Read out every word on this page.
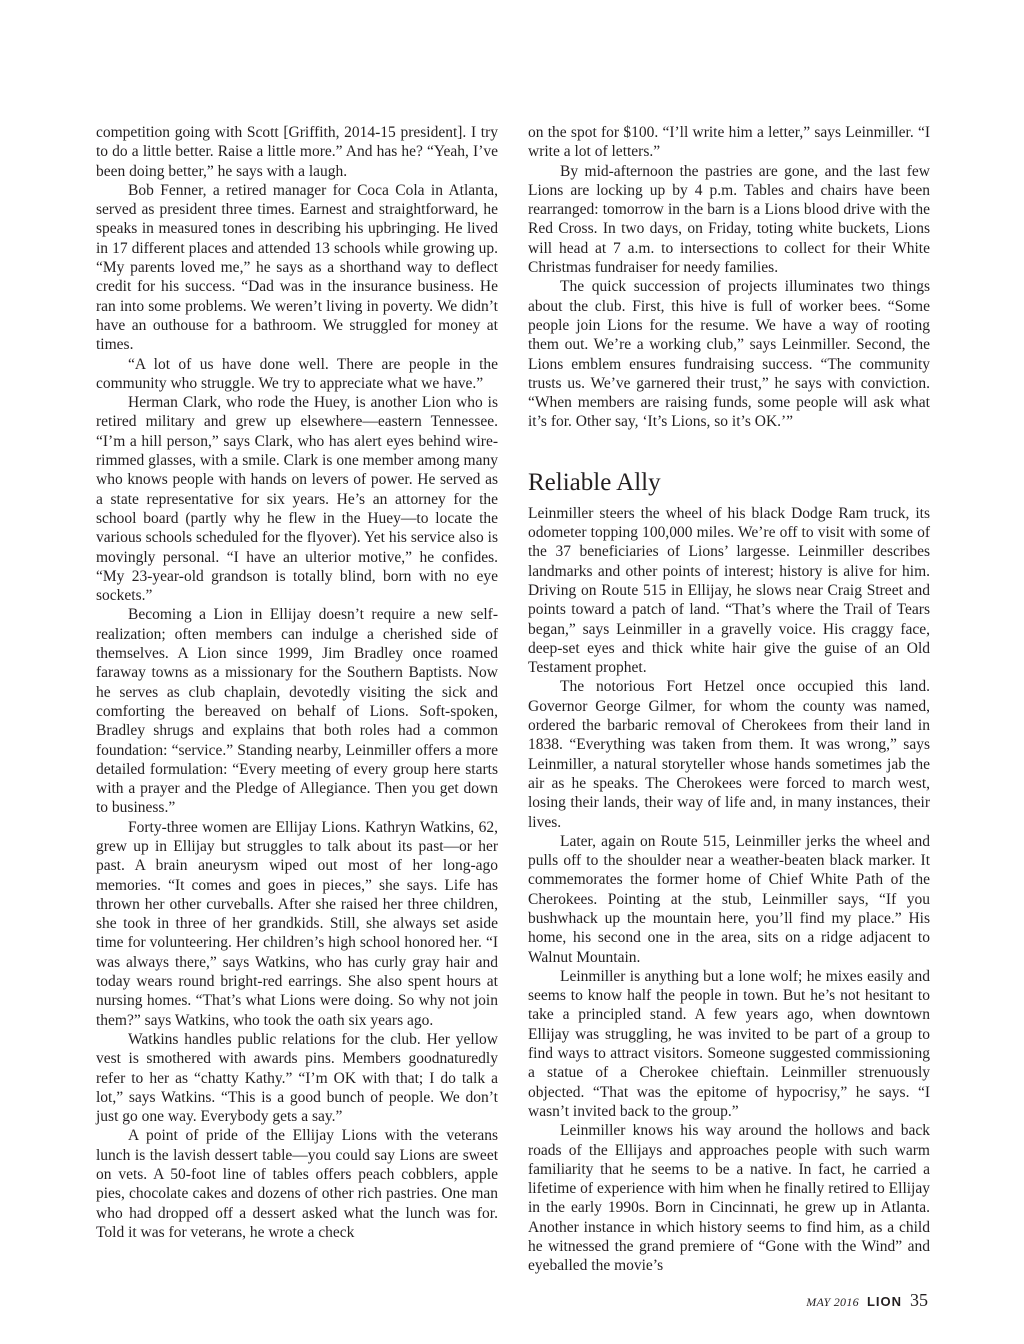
competition going with Scott [Griffith, 2014-15 president]. I try to do a little better. Raise a little more.” And has he? “Yeah, I’ve been doing better,” he says with a laugh.

Bob Fenner, a retired manager for Coca Cola in Atlanta, served as president three times. Earnest and straightforward, he speaks in measured tones in describing his upbringing. He lived in 17 different places and attended 13 schools while growing up. “My parents loved me,” he says as a shorthand way to deflect credit for his success. “Dad was in the insurance business. He ran into some problems. We weren’t living in poverty. We didn’t have an outhouse for a bathroom. We struggled for money at times.

“A lot of us have done well. There are people in the community who struggle. We try to appreciate what we have.”

Herman Clark, who rode the Huey, is another Lion who is retired military and grew up elsewhere—eastern Tennessee. “I’m a hill person,” says Clark, who has alert eyes behind wire-rimmed glasses, with a smile. Clark is one member among many who knows people with hands on levers of power. He served as a state representative for six years. He’s an attorney for the school board (partly why he flew in the Huey—to locate the various schools scheduled for the flyover). Yet his service also is movingly personal. “I have an ulterior motive,” he confides. “My 23-year-old grandson is totally blind, born with no eye sockets.”

Becoming a Lion in Ellijay doesn’t require a new self-realization; often members can indulge a cherished side of themselves. A Lion since 1999, Jim Bradley once roamed faraway towns as a missionary for the Southern Baptists. Now he serves as club chaplain, devotedly visiting the sick and comforting the bereaved on behalf of Lions. Soft-spoken, Bradley shrugs and explains that both roles had a common foundation: “service.” Standing nearby, Leinmiller offers a more detailed formulation: “Every meeting of every group here starts with a prayer and the Pledge of Allegiance. Then you get down to business.”

Forty-three women are Ellijay Lions. Kathryn Watkins, 62, grew up in Ellijay but struggles to talk about its past—or her past. A brain aneurysm wiped out most of her long-ago memories. “It comes and goes in pieces,” she says. Life has thrown her other curveballs. After she raised her three children, she took in three of her grandkids. Still, she always set aside time for volunteering. Her children’s high school honored her. “I was always there,” says Watkins, who has curly gray hair and today wears round bright-red earrings. She also spent hours at nursing homes. “That’s what Lions were doing. So why not join them?” says Watkins, who took the oath six years ago.

Watkins handles public relations for the club. Her yellow vest is smothered with awards pins. Members goodnaturedly refer to her as “chatty Kathy.” “I’m OK with that; I do talk a lot,” says Watkins. “This is a good bunch of people. We don’t just go one way. Everybody gets a say.”

A point of pride of the Ellijay Lions with the veterans lunch is the lavish dessert table—you could say Lions are sweet on vets. A 50-foot line of tables offers peach cobblers, apple pies, chocolate cakes and dozens of other rich pastries. One man who had dropped off a dessert asked what the lunch was for. Told it was for veterans, he wrote a check

on the spot for $100. “I’ll write him a letter,” says Leinmiller. “I write a lot of letters.”

By mid-afternoon the pastries are gone, and the last few Lions are locking up by 4 p.m. Tables and chairs have been rearranged: tomorrow in the barn is a Lions blood drive with the Red Cross. In two days, on Friday, toting white buckets, Lions will head at 7 a.m. to intersections to collect for their White Christmas fundraiser for needy families.

The quick succession of projects illuminates two things about the club. First, this hive is full of worker bees. “Some people join Lions for the resume. We have a way of rooting them out. We’re a working club,” says Leinmiller. Second, the Lions emblem ensures fundraising success. “The community trusts us. We’ve garnered their trust,” he says with conviction. “When members are raising funds, some people will ask what it’s for. Other say, ‘It’s Lions, so it’s OK.’”

Reliable Ally

Leinmiller steers the wheel of his black Dodge Ram truck, its odometer topping 100,000 miles. We’re off to visit with some of the 37 beneficiaries of Lions’ largesse. Leinmiller describes landmarks and other points of interest; history is alive for him. Driving on Route 515 in Ellijay, he slows near Craig Street and points toward a patch of land. “That’s where the Trail of Tears began,” says Leinmiller in a gravelly voice. His craggy face, deep-set eyes and thick white hair give the guise of an Old Testament prophet.

The notorious Fort Hetzel once occupied this land. Governor George Gilmer, for whom the county was named, ordered the barbaric removal of Cherokees from their land in 1838. “Everything was taken from them. It was wrong,” says Leinmiller, a natural storyteller whose hands sometimes jab the air as he speaks. The Cherokees were forced to march west, losing their lands, their way of life and, in many instances, their lives.

Later, again on Route 515, Leinmiller jerks the wheel and pulls off to the shoulder near a weather-beaten black marker. It commemorates the former home of Chief White Path of the Cherokees. Pointing at the stub, Leinmiller says, “If you bushwhack up the mountain here, you’ll find my place.” His home, his second one in the area, sits on a ridge adjacent to Walnut Mountain.

Leinmiller is anything but a lone wolf; he mixes easily and seems to know half the people in town. But he’s not hesitant to take a principled stand. A few years ago, when downtown Ellijay was struggling, he was invited to be part of a group to find ways to attract visitors. Someone suggested commissioning a statue of a Cherokee chieftain. Leinmiller strenuously objected. “That was the epitome of hypocrisy,” he says. “I wasn’t invited back to the group.”

Leinmiller knows his way around the hollows and back roads of the Ellijays and approaches people with such warm familiarity that he seems to be a native. In fact, he carried a lifetime of experience with him when he finally retired to Ellijay in the early 1990s. Born in Cincinnati, he grew up in Atlanta. Another instance in which history seems to find him, as a child he witnessed the grand premiere of “Gone with the Wind” and eyeballed the movie’s

MAY 2016 LION 35
